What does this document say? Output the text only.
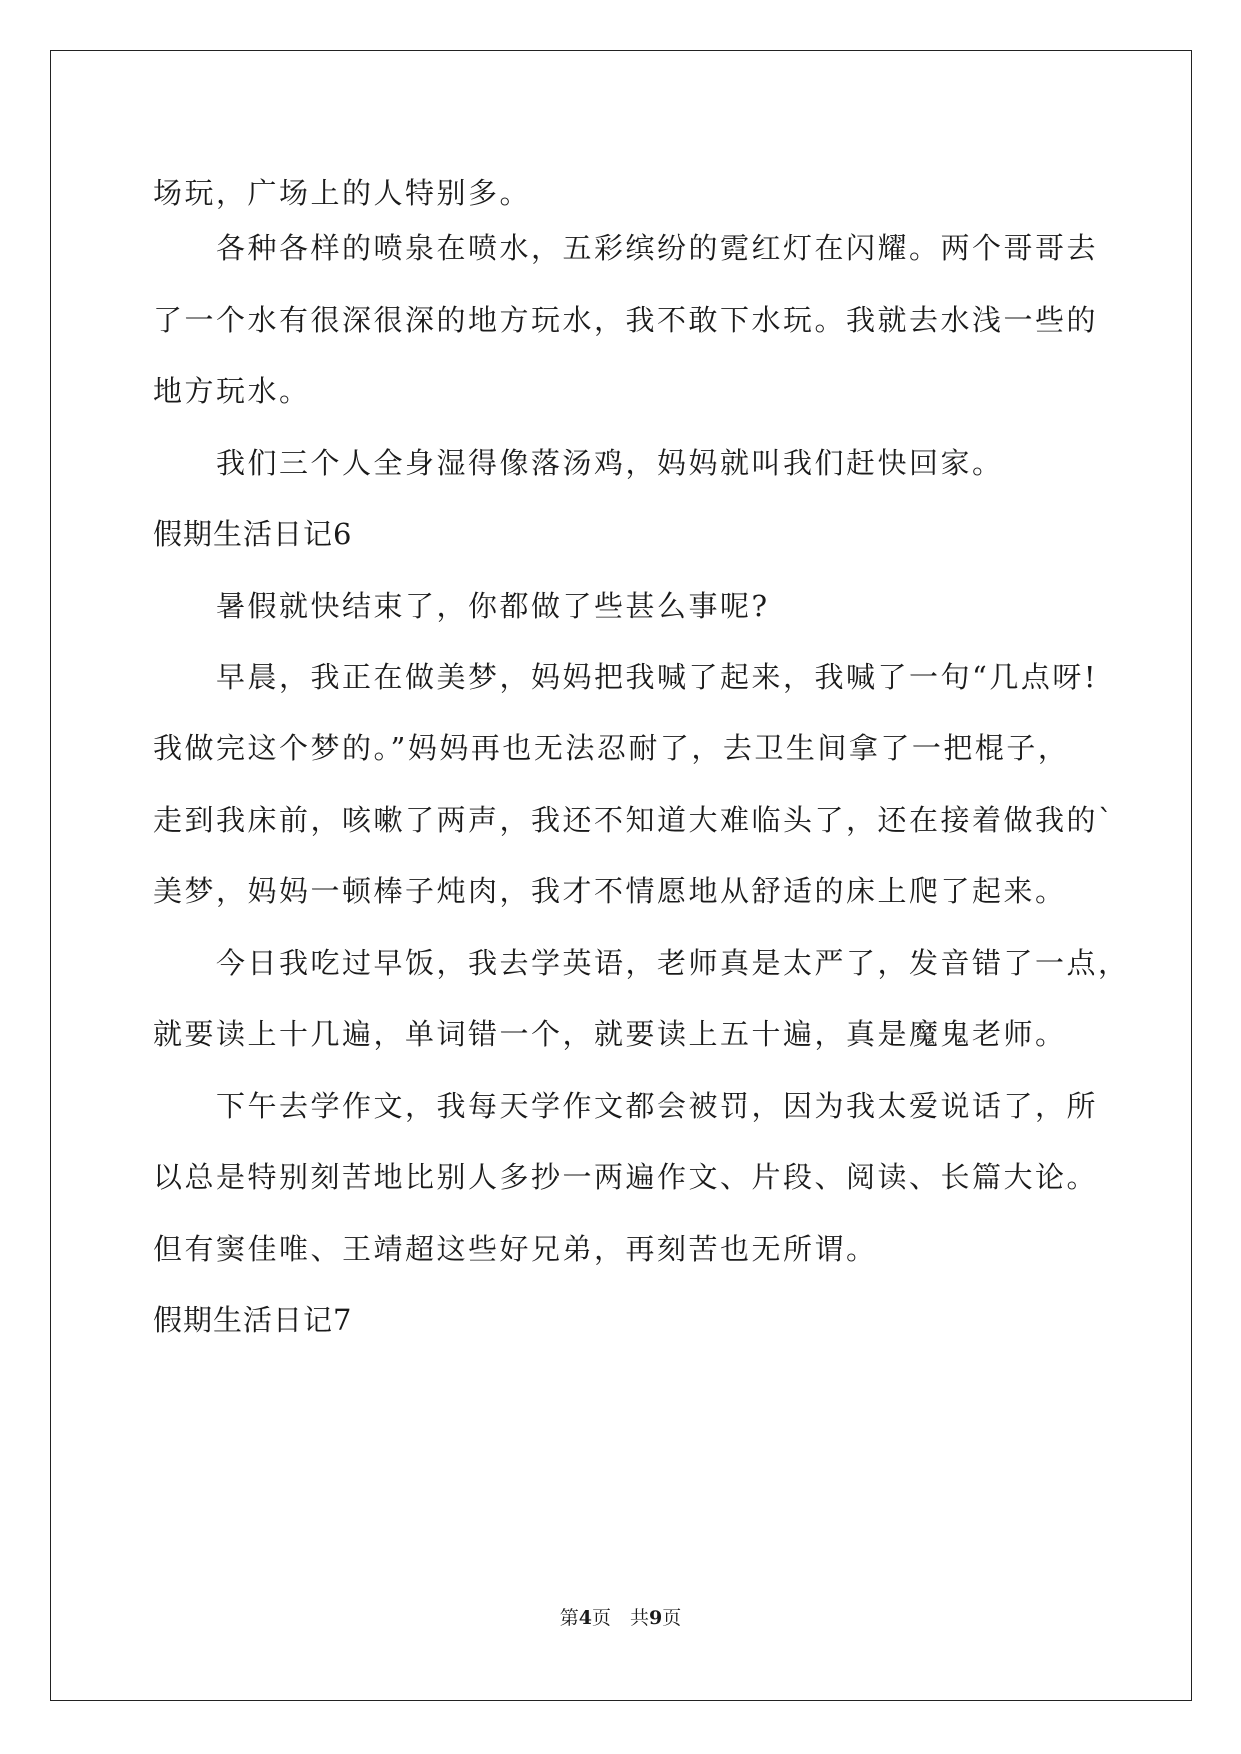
场玩，广场上的人特别多。
各种各样的喷泉在喷水，五彩缤纷的霓红灯在闪耀。两个哥哥去
了一个水有很深很深的地方玩水，我不敢下水玩。我就去水浅一些的
地方玩水。
我们三个人全身湿得像落汤鸡，妈妈就叫我们赶快回家。
假期生活日记6
暑假就快结束了，你都做了些甚么事呢?
早晨，我正在做美梦，妈妈把我喊了起来，我喊了一句“几点呀!
我做完这个梦的。”妈妈再也无法忍耐了，去卫生间拿了一把棍子，
走到我床前，咳嗽了两声，我还不知道大难临头了，还在接着做我的`
美梦，妈妈一顿棒子炖肉，我才不情愿地从舒适的床上爬了起来。
今日我吃过早饭，我去学英语，老师真是太严了，发音错了一点，
就要读上十几遍，单词错一个，就要读上五十遍，真是魔鬼老师。
下午去学作文，我每天学作文都会被罚，因为我太爱说话了，所
以总是特别刻苦地比别人多抄一两遍作文、片段、阅读、长篇大论。
但有窦佳唯、王靖超这些好兄弟，再刻苦也无所谓。
假期生活日记7
第4页　共9页
